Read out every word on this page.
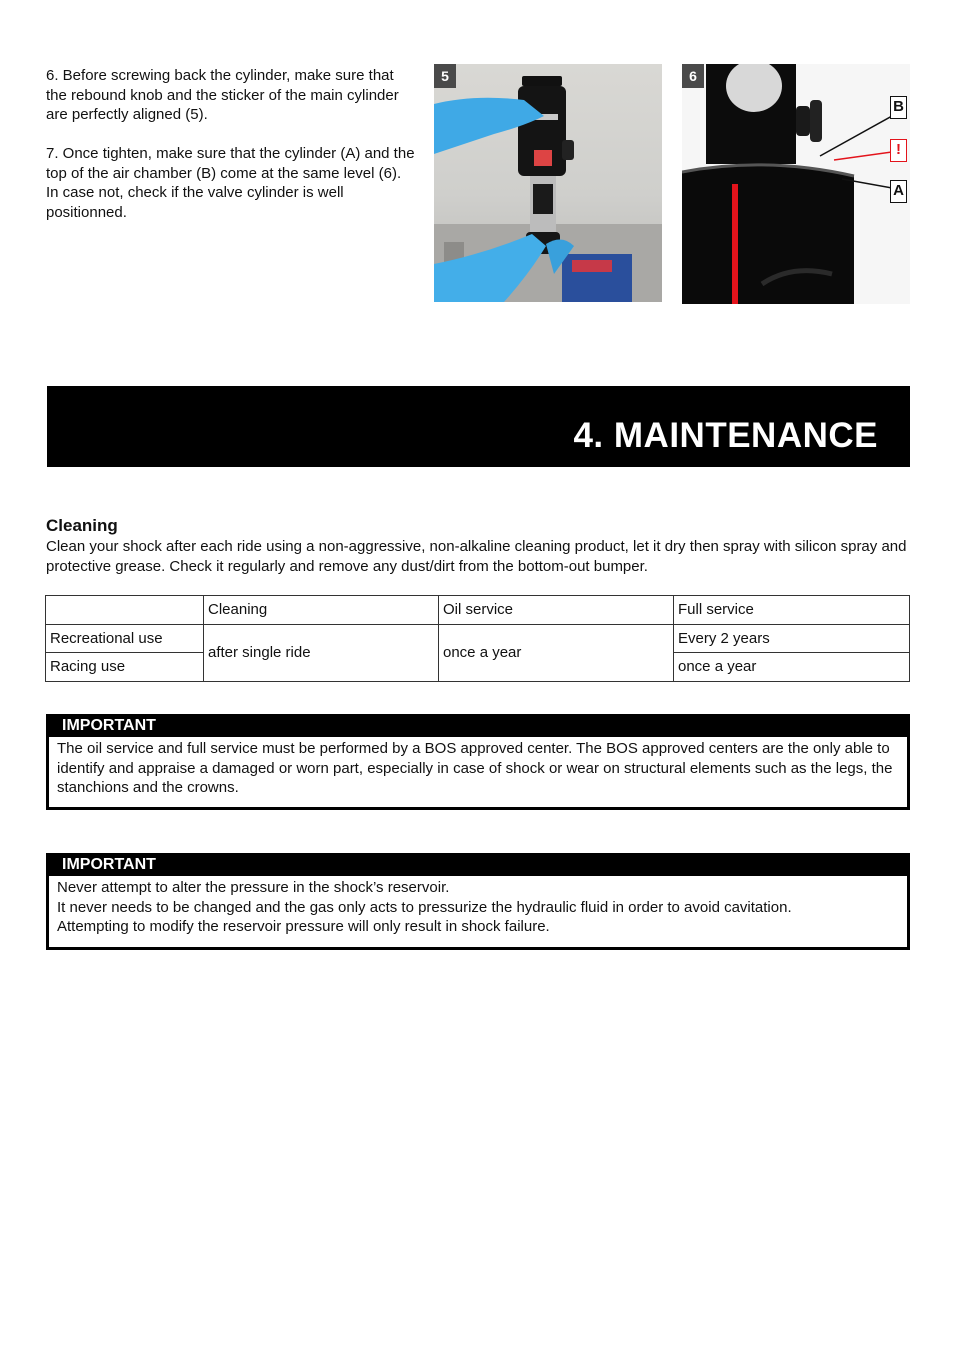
6. Before screwing back the cylinder, make sure that the rebound knob and the sticker of the main cylinder are perfectly aligned (5).

7. Once tighten, make sure that the cylinder (A) and the top of the air chamber (B) come at the same level (6). In case not, check if the valve cylinder is well positionned.

5	6
B
!
A
4. MAINTENANCE
Cleaning
Clean your shock after each ride using a non-aggressive, non-alkaline cleaning product, let it dry then spray with silicon spray and protective grease. Check it regularly and remove any dust/dirt from the bottom-out bumper.
	Cleaning	Oil service	Full service
Recreational use	after single ride	once a year	Every 2 years
Racing use			once a year
IMPORTANT
The oil service and full service must be performed by a BOS approved center. The BOS approved centers are the only able to identify and appraise a damaged or worn part, especially in case of shock or wear on structural elements such as the legs, the stanchions and the crowns.
IMPORTANT
Never attempt to alter the pressure in the shock’s reservoir.
It never needs to be changed and the gas only acts to pressurize the hydraulic fluid in order to avoid cavitation.
Attempting to modify the reservoir pressure will only result in shock failure.
